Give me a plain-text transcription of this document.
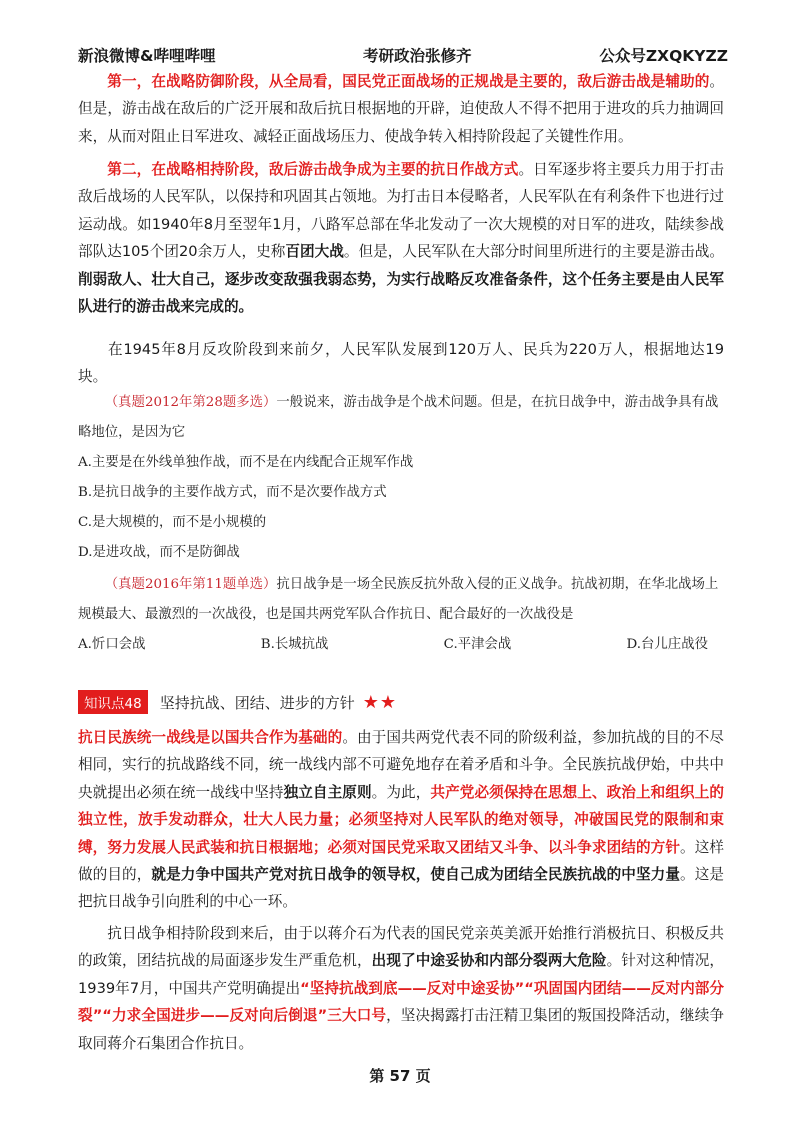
新浪微博&哔哩哔哩	考研政治张修齐	公众号ZXQKYZZ

  第一，在战略防御阶段，从全局看，国民党正面战场的正规战是主要的，敌后游击战是辅助的。但是，游击战在敌后的广泛开展和敌后抗日根据地的开辟，迫使敌人不得不把用于进攻的兵力抽调回来，从而对阻止日军进攻、减轻正面战场压力、使战争转入相持阶段起了关键性作用。

  第二，在战略相持阶段，敌后游击战争成为主要的抗日作战方式。日军逐步将主要兵力用于打击敌后战场的人民军队，以保持和巩固其占领地。为打击日本侵略者，人民军队在有利条件下也进行过运动战。如1940年8月至翌年1月，八路军总部在华北发动了一次大规模的对日军的进攻，陆续参战部队达105个团20余万人，史称百团大战。但是，人民军队在大部分时间里所进行的主要是游击战。削弱敌人、壮大自己，逐步改变敌强我弱态势，为实行战略反攻准备条件，这个任务主要是由人民军队进行的游击战来完成的。

  在1945年8月反攻阶段到来前夕，人民军队发展到120万人、民兵为220万人，根据地达19块。

  （真题2012年第28题多选）一般说来，游击战争是个战术问题。但是，在抗日战争中，游击战争具有战略地位，是因为它
A.主要是在外线单独作战，而不是在内线配合正规军作战
B.是抗日战争的主要作战方式，而不是次要作战方式
C.是大规模的，而不是小规模的
D.是进攻战，而不是防御战
  （真题2016年第11题单选）抗日战争是一场全民族反抗外敌入侵的正义战争。抗战初期，在华北战场上规模最大、最激烈的一次战役，也是国共两党军队合作抗日、配合最好的一次战役是
A.忻口会战	B.长城抗战	C.平津会战	D.台儿庄战役
知识点48	坚持抗战、团结、进步的方针 ★★

抗日民族统一战线是以国共合作为基础的。由于国共两党代表不同的阶级利益，参加抗战的目的不尽相同，实行的抗战路线不同，统一战线内部不可避免地存在着矛盾和斗争。全民族抗战伊始，中共中央就提出必须在统一战线中坚持独立自主原则。为此，共产党必须保持在思想上、政治上和组织上的独立性，放手发动群众，壮大人民力量；必须坚持对人民军队的绝对领导，冲破国民党的限制和束缚，努力发展人民武装和抗日根据地；必须对国民党采取又团结又斗争、以斗争求团结的方针。这样做的目的，就是力争中国共产党对抗日战争的领导权，使自己成为团结全民族抗战的中坚力量。这是把抗日战争引向胜利的中心一环。

  抗日战争相持阶段到来后，由于以蒋介石为代表的国民党亲英美派开始推行消极抗日、积极反共的政策，团结抗战的局面逐步发生严重危机，出现了中途妥协和内部分裂两大危险。针对这种情况，1939年7月，中国共产党明确提出“坚持抗战到底——反对中途妥协”“巩固国内团结——反对内部分裂”“力求全国进步——反对向后倒退”三大口号，坚决揭露打击汪精卫集团的叛国投降活动，继续争取同蒋介石集团合作抗日。

第 57 页
